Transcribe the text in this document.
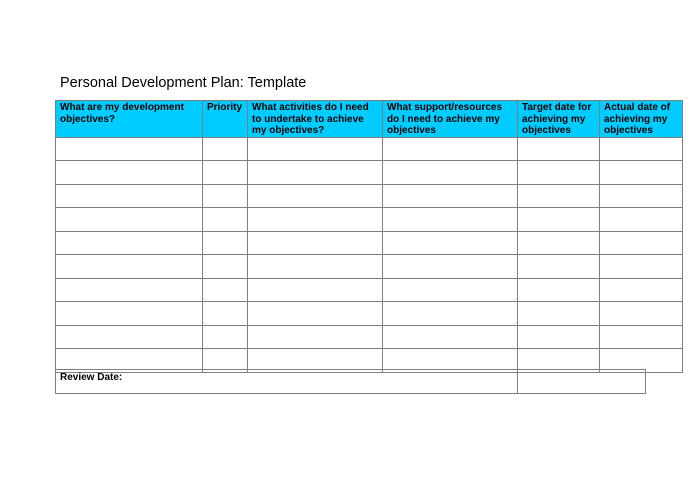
Personal Development Plan: Template
What are my development objectives?	Priority	What activities do I need to undertake to achieve my objectives?	What support/resources do I need to achieve my objectives	Target date for achieving my objectives	Actual date of achieving my objectives

Review Date:	
